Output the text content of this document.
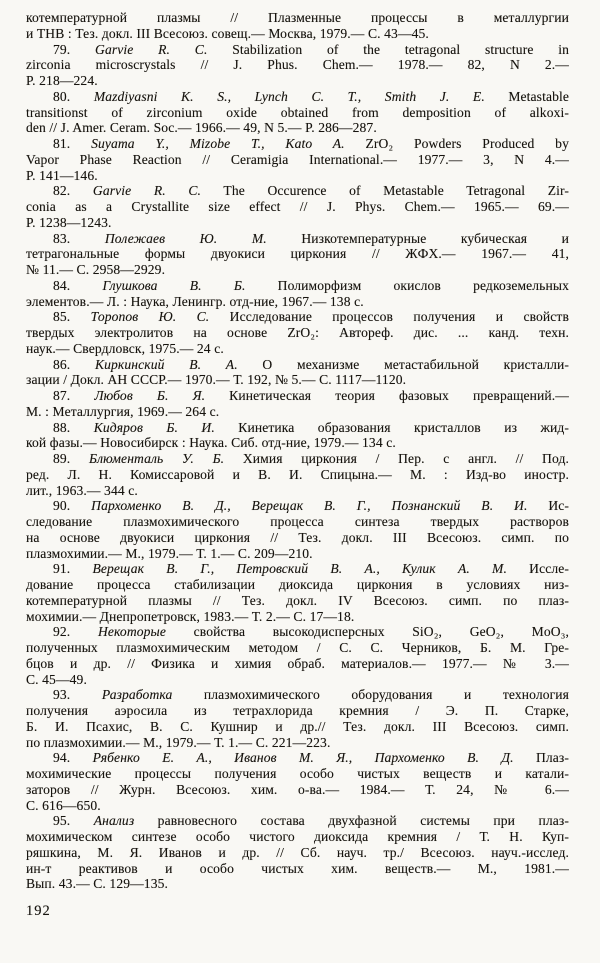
котемпературной плазмы // Плазменные процессы в металлургии
и ТНВ : Тез. докл. III Всесоюз. совещ.— Москва, 1979.— С. 43—45.

79. Garvie R. C. Stabilization of the tetragonal structure in
zirconia microscrystals // J. Phus. Chem.— 1978.— 82, N 2.—
P. 218—224.

80. Mazdiyasni K. S., Lynch C. T., Smith J. E. Metastable
transitionst of zirconium oxide obtained from demposition of alkoxi-
den // J. Amer. Ceram. Soc.— 1966.— 49, N 5.— P. 286—287.

81. Suyama Y., Mizobe T., Kato A. ZrO₂ Powders Produced by
Vapor Phase Reaction // Ceramigia International.— 1977.— 3, N 4.—
P. 141—146.

82. Garvie R. C. The Occurence of Metastable Tetragonal Zir-
conia as a Crystallite size effect // J. Phys. Chem.— 1965.— 69.—
P. 1238—1243.

83. Полежаев Ю. М. Низкотемпературные кубическая и
тетрагональные формы двуокиси циркония // ЖФХ.— 1967.— 41,
№ 11.— С. 2958—2929.

84. Глушкова В. Б. Полиморфизм окислов редкоземельных
элементов.— Л. : Наука, Ленингр. отд-ние, 1967.— 138 с.

85. Торопов Ю. С. Исследование процессов получения и свойств
твердых электролитов на основе ZrO₂: Автореф. дис. ... канд. техн.
наук.— Свердловск, 1975.— 24 с.

86. Киркинский В. А. О механизме метастабильной кристалли-
зации / Докл. АН СССР.— 1970.— Т. 192, № 5.— С. 1117—1120.

87. Любов Б. Я. Кинетическая теория фазовых превращений.—
М. : Металлургия, 1969.— 264 с.

88. Кидяров Б. И. Кинетика образования кристаллов из жид-
кой фазы.— Новосибирск : Наука. Сиб. отд-ние, 1979.— 134 с.

89. Блюменталь У. Б. Химия циркония / Пер. с англ. // Под.
ред. Л. Н. Комиссаровой и В. И. Спицына.— М. : Изд-во иностр.
лит., 1963.— 344 с.

90. Пархоменко В. Д., Верещак В. Г., Познанский В. И. Ис-
следование плазмохимического процесса синтеза твердых растворов
на основе двуокиси циркония // Тез. докл. III Всесоюз. симп. по
плазмохимии.— М., 1979.— Т. 1.— С. 209—210.

91. Верещак В. Г., Петровский В. А., Кулик А. М. Иссле-
дование процесса стабилизации диоксида циркония в условиях низ-
котемпературной плазмы // Тез. докл. IV Всесоюз. симп. по плаз-
мохимии.— Днепропетровск, 1983.— Т. 2.— С. 17—18.

92. Некоторые свойства высокодисперсных SiO₂, GeO₂, MoO₃,
полученных плазмохимическим методом / С. С. Черников, Б. М. Гре-
бцов и др. // Физика и химия обраб. материалов.— 1977.— № 3.—
С. 45—49.

93. Разработка плазмохимического оборудования и технология
получения аэросила из тетрахлорида кремния / Э. П. Старке,
Б. И. Псахис, В. С. Кушнир и др.// Тез. докл. III Всесоюз. симп.
по плазмохимии.— М., 1979.— Т. 1.— С. 221—223.

94. Рябенко Е. А., Иванов М. Я., Пархоменко В. Д. Плаз-
мохимические процессы получения особо чистых веществ и катали-
заторов // Журн. Всесоюз. хим. о-ва.— 1984.— Т. 24, № 6.—
С. 616—650.

95. Анализ равновесного состава двухфазной системы при плаз-
мохимическом синтезе особо чистого диоксида кремния / Т. Н. Куп-
ряшкина, М. Я. Иванов и др. // Сб. науч. тр./ Всесоюз. науч.-исслед.
ин-т реактивов и особо чистых хим. веществ.— М., 1981.—
Вып. 43.— С. 129—135.

192
